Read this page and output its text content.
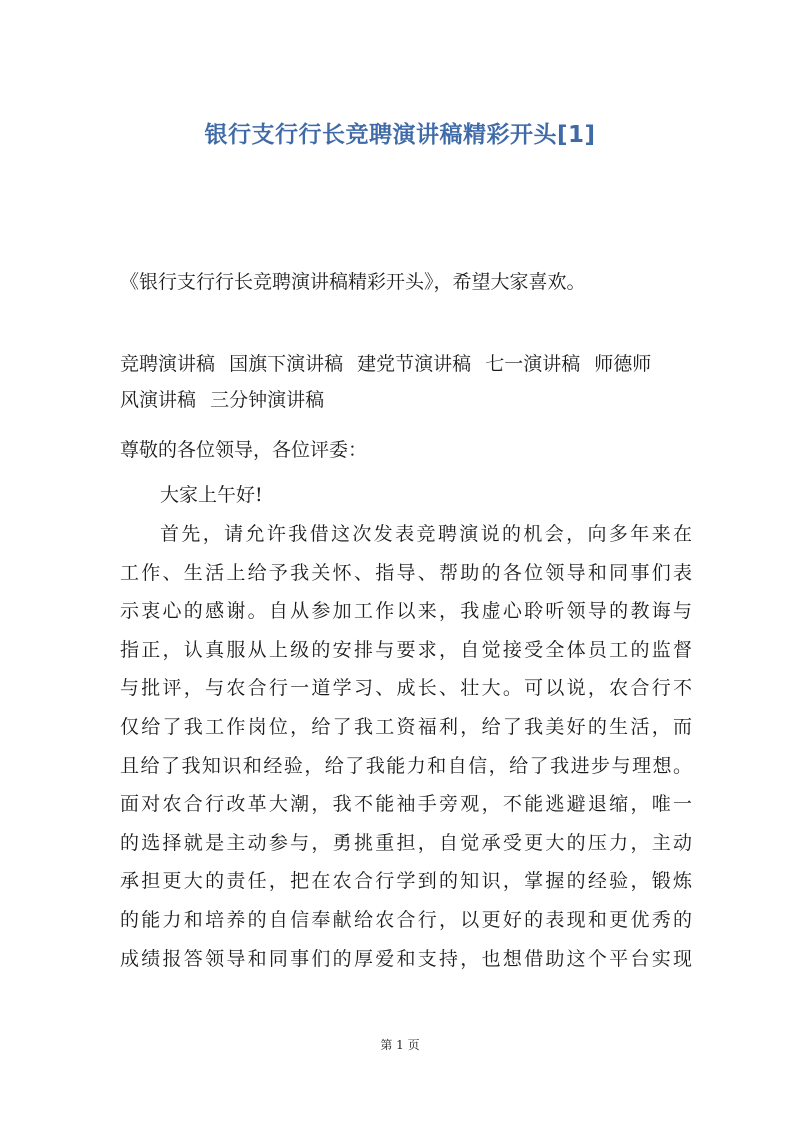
银行支行行长竞聘演讲稿精彩开头[1]
《银行支行行长竞聘演讲稿精彩开头》，希望大家喜欢。
竞聘演讲稿 国旗下演讲稿 建党节演讲稿 七一演讲稿 师德师风演讲稿 三分钟演讲稿
尊敬的各位领导，各位评委：
大家上午好!
首先，请允许我借这次发表竞聘演说的机会，向多年来在
工作、生活上给予我关怀、指导、帮助的各位领导和同事们表
示衷心的感谢。自从参加工作以来，我虚心聆听领导的教诲与
指正，认真服从上级的安排与要求，自觉接受全体员工的监督
与批评，与农合行一道学习、成长、壮大。可以说，农合行不
仅给了我工作岗位，给了我工资福利，给了我美好的生活，而
且给了我知识和经验，给了我能力和自信，给了我进步与理想。
面对农合行改革大潮，我不能袖手旁观，不能逃避退缩，唯一
的选择就是主动参与，勇挑重担，自觉承受更大的压力，主动
承担更大的责任，把在农合行学到的知识，掌握的经验，锻炼
的能力和培养的自信奉献给农合行，以更好的表现和更优秀的
成绩报答领导和同事们的厚爱和支持，也想借助这个平台实现
第 1 页
